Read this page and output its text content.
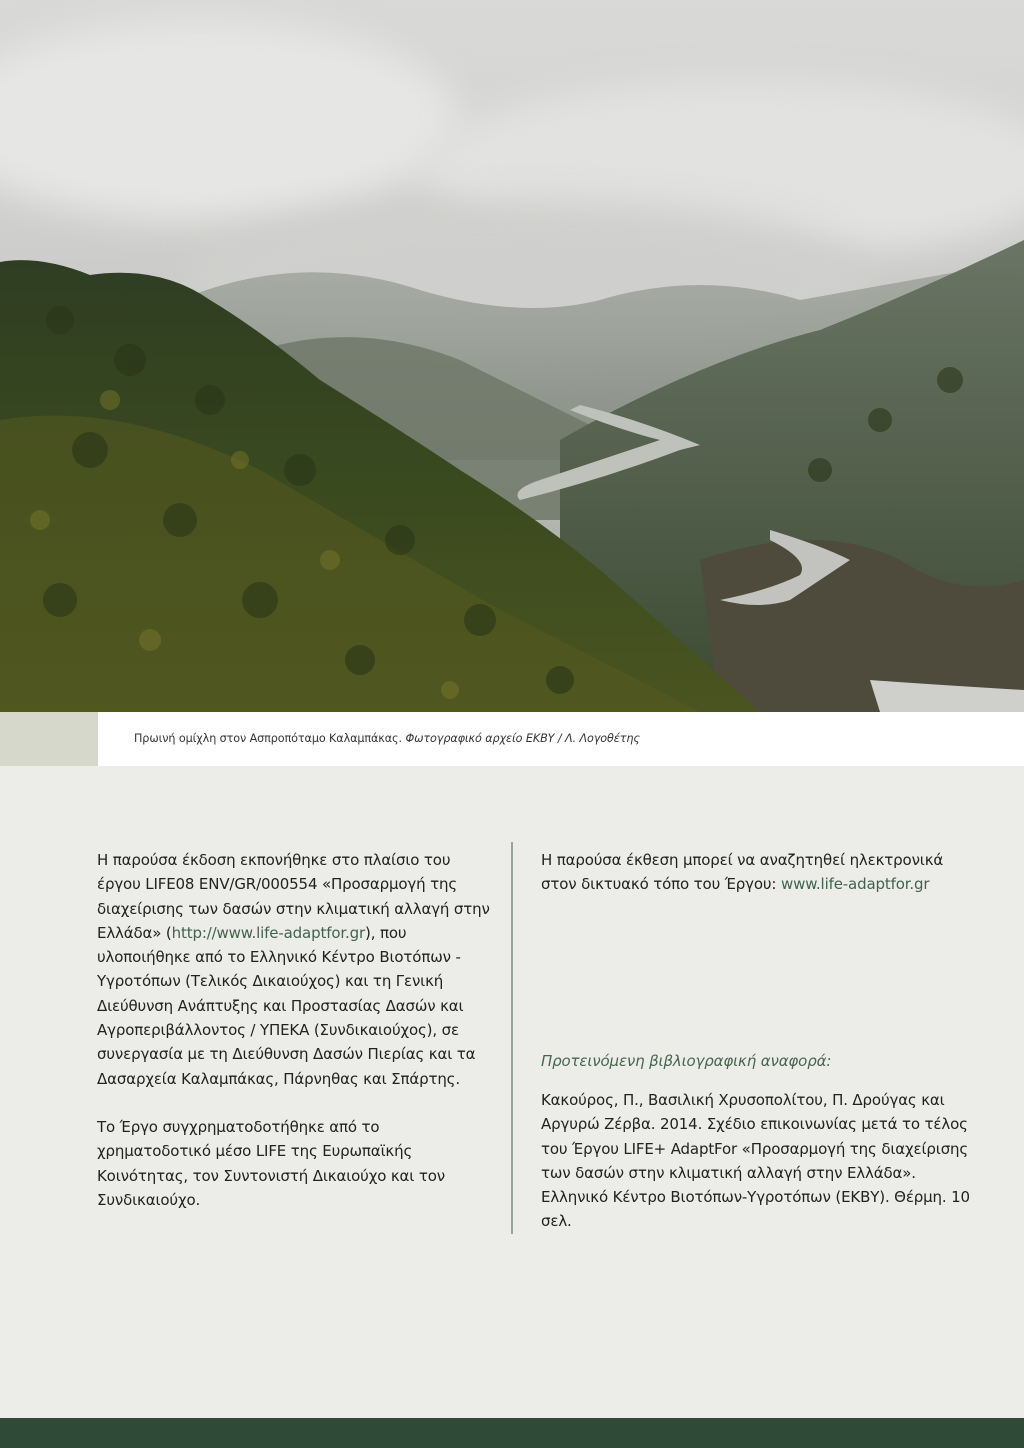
Πρωινή ομίχλη στον Ασπροπόταμο Καλαμπάκας. Φωτογραφικό αρχείο ΕΚΒΥ / Λ. Λογοθέτης

Η παρούσα έκδοση εκπονήθηκε στο πλαίσιο του έργου LIFE08 ENV/GR/000554 «Προσαρμογή της διαχείρισης των δασών στην κλιματική αλλαγή στην Ελλάδα» (http://www.life-adaptfor.gr), που υλοποιήθηκε από το Ελληνικό Κέντρο Βιοτόπων - Υγροτόπων (Τελικός Δικαιούχος) και τη Γενική Διεύθυνση Ανάπτυξης και Προστασίας Δασών και Αγροπεριβάλλοντος / ΥΠΕΚΑ (Συνδικαιούχος), σε συνεργασία με τη Διεύθυνση Δασών Πιερίας και τα Δασαρχεία Καλαμπάκας, Πάρνηθας και Σπάρτης.

Το Έργο συγχρηματοδοτήθηκε από το χρηματοδοτικό μέσο LIFE της Ευρωπαϊκής Κοινότητας, τον Συντονιστή Δικαιούχο και τον Συνδικαιούχο.

Η παρούσα έκθεση μπορεί να αναζητηθεί ηλεκτρονικά στον δικτυακό τόπο του Έργου: www.life-adaptfor.gr

Προτεινόμενη βιβλιογραφική αναφορά:

Κακούρος, Π., Βασιλική Χρυσοπολίτου, Π. Δρούγας και Αργυρώ Ζέρβα. 2014. Σχέδιο επικοινωνίας μετά το τέλος του Έργου LIFE+ AdaptFor «Προσαρμογή της διαχείρισης των δασών στην κλιματική αλλαγή στην Ελλάδα». Ελληνικό Κέντρο Βιοτόπων-Υγροτόπων (ΕΚΒΥ). Θέρμη. 10 σελ.
